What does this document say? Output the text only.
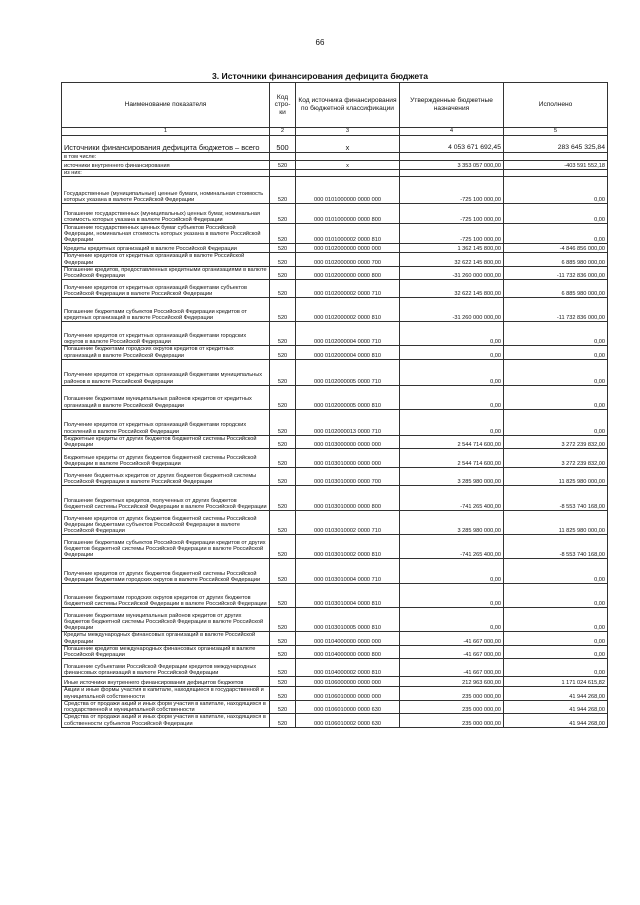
66
3. Источники финансирования дефицита бюджета
Наименование показателя	Код стро-ки	Код источника финансирования по бюджетной классификации	Утвержденные бюджетные назначения	Исполнено
1	2	3	4	5
Источники финансирования дефицита бюджетов – всего	500	x	4 053 671 692,45	283 645 325,84
в том числе:				
источники внутреннего финансирования	520	x	3 353 057 000,00	-403 591 552,18
из них:				
Государственные (муниципальные) ценные бумаги, номинальная стоимость которых указана в валюте Российской Федерации	520	000 0101000000 0000 000	-725 100 000,00	0,00
Погашение государственных (муниципальных) ценных бумаг, номинальная стоимость которых указана в валюте Российской Федерации	520	000 0101000000 0000 800	-725 100 000,00	0,00
Погашение государственных ценных бумаг субъектов Российской Федерации, номинальная стоимость которых указана в валюте Российской Федерации	520	000 0101000002 0000 810	-725 100 000,00	0,00
Кредиты кредитных организаций в валюте Российской Федерации	520	000 0102000000 0000 000	1 362 145 800,00	-4 846 856 000,00
Получение кредитов от кредитных организаций в валюте Российской Федерации	520	000 0102000000 0000 700	32 622 145 800,00	6 885 980 000,00
Погашение кредитов, предоставленных кредитными организациями в валюте Российской Федерации	520	000 0102000000 0000 800	-31 260 000 000,00	-11 732 836 000,00
Получение кредитов от кредитных организаций бюджетами субъектов Российской Федерации в валюте Российской Федерации	520	000 0102000002 0000 710	32 622 145 800,00	6 885 980 000,00
Погашение бюджетами субъектов Российской Федерации кредитов от кредитных организаций в валюте Российской Федерации	520	000 0102000002 0000 810	-31 260 000 000,00	-11 732 836 000,00
Получение кредитов от кредитных организаций бюджетами городских округов в валюте Российской Федерации	520	000 0102000004 0000 710	0,00	0,00
Погашение бюджетами городских округов кредитов от кредитных организаций в валюте Российской Федерации	520	000 0102000004 0000 810	0,00	0,00
Получение кредитов от кредитных организаций бюджетами муниципальных районов в валюте Российской Федерации	520	000 0102000005 0000 710	0,00	0,00
Погашение бюджетами муниципальных районов кредитов от кредитных организаций в валюте Российской Федерации	520	000 0102000005 0000 810	0,00	0,00
Получение кредитов от кредитных организаций бюджетами городских поселений в валюте Российской Федерации	520	000 0102000013 0000 710	0,00	0,00
Бюджетные кредиты от других бюджетов бюджетной системы Российской Федерации	520	000 0103000000 0000 000	2 544 714 600,00	3 272 239 832,00
Бюджетные кредиты от других бюджетов бюджетной системы Российской Федерации в валюте Российской Федерации	520	000 0103010000 0000 000	2 544 714 600,00	3 272 239 832,00
Получение бюджетных кредитов от других бюджетов бюджетной системы Российской Федерации в валюте Российской Федерации	520	000 0103010000 0000 700	3 285 980 000,00	11 825 980 000,00
Погашение бюджетных кредитов, полученных от других бюджетов бюджетной системы Российской Федерации в валюте Российской Федерации	520	000 0103010000 0000 800	-741 265 400,00	-8 553 740 168,00
Получение кредитов от других бюджетов бюджетной системы Российской Федерации бюджетами субъектов Российской Федерации в валюте Российской Федерации	520	000 0103010002 0000 710	3 285 980 000,00	11 825 980 000,00
Погашение бюджетами субъектов Российской Федерации кредитов от других бюджетов бюджетной системы Российской Федерации в валюте Российской Федерации	520	000 0103010002 0000 810	-741 265 400,00	-8 553 740 168,00
Получение кредитов от других бюджетов бюджетной системы Российской Федерации бюджетами городских округов в валюте Российской Федерации	520	000 0103010004 0000 710	0,00	0,00
Погашение бюджетами городских округов кредитов от других бюджетов бюджетной системы Российской Федерации в валюте Российской Федерации	520	000 0103010004 0000 810	0,00	0,00
Погашение бюджетами муниципальных районов кредитов от других бюджетов бюджетной системы Российской Федерации в валюте Российской Федерации	520	000 0103010005 0000 810	0,00	0,00
Кредиты международных финансовых организаций в валюте Российской Федерации	520	000 0104000000 0000 000	-41 667 000,00	0,00
Погашение кредитов международных финансовых организаций в валюте Российской Федерации	520	000 0104000000 0000 800	-41 667 000,00	0,00
Погашение субъектами Российской Федерации кредитов международных финансовых организаций в валюте Российской Федерации	520	000 0104000002 0000 810	-41 667 000,00	0,00
Иные источники внутреннего финансирования дефицитов бюджетов	520	000 0106000000 0000 000	212 963 600,00	1 171 024 615,82
Акции и иные формы участия в капитале, находящиеся в государственной и муниципальной собственности	520	000 0106010000 0000 000	235 000 000,00	41 944 268,00
Средства от продажи акций и иных форм участия в капитале, находящихся в государственной и муниципальной собственности	520	000 0106010000 0000 630	235 000 000,00	41 944 268,00
Средства от продажи акций и иных форм участия в капитале, находящихся в собственности субъектов Российской Федерации	520	000 0106010002 0000 630	235 000 000,00	41 944 268,00
